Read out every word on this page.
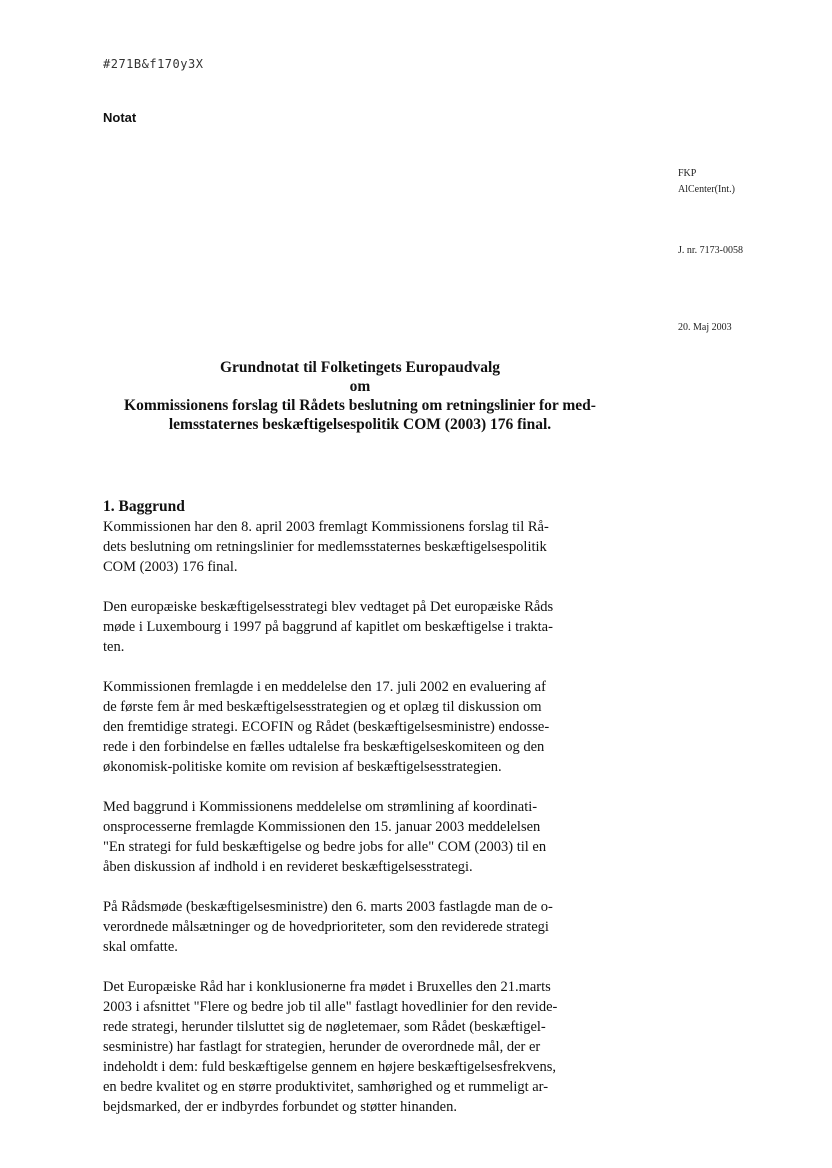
#271B&f170y3X
Notat
FKP
AlCenter(Int.)
J. nr. 7173-0058
20. Maj 2003
Grundnotat til Folketingets Europaudvalg
om
Kommissionens forslag til Rådets beslutning om retningslinier for med-
lemsstaternes beskæftigelsespolitik COM (2003) 176 final.
1. Baggrund

Kommissionen har den 8. april 2003 fremlagt Kommissionens forslag til Rå-
dets beslutning om retningslinier for medlemsstaternes beskæftigelsespolitik
COM (2003) 176 final.

Den europæiske beskæftigelsesstrategi blev vedtaget på Det europæiske Råds
møde i Luxembourg i 1997 på baggrund af kapitlet om beskæftigelse i trakta-
ten.

Kommissionen fremlagde i en meddelelse den 17. juli 2002 en evaluering af
de første fem år med beskæftigelsesstrategien og et oplæg til diskussion om
den fremtidige strategi. ECOFIN og Rådet (beskæftigelsesministre) endosse-
rede i den forbindelse en fælles udtalelse fra beskæftigelseskomiteen og den
økonomisk-politiske komite om revision af beskæftigelsesstrategien.

Med baggrund i Kommissionens meddelelse om strømlining af koordinati-
onsprocesserne fremlagde Kommissionen den 15. januar 2003 meddelelsen
"En strategi for fuld beskæftigelse og bedre jobs for alle" COM (2003) til en
åben diskussion af indhold i en revideret beskæftigelsesstrategi.

På Rådsmøde (beskæftigelsesministre) den 6. marts 2003 fastlagde man de o-
verordnede målsætninger og de hovedprioriteter, som den reviderede strategi
skal omfatte.

Det Europæiske Råd har i konklusionerne fra mødet i Bruxelles den 21.marts
2003 i afsnittet "Flere og bedre job til alle" fastlagt hovedlinier for den revide-
rede strategi, herunder tilsluttet sig de nøgletemaer, som Rådet (beskæftigel-
sesministre) har fastlagt for strategien, herunder de overordnede mål, der er
indeholdt i dem: fuld beskæftigelse gennem en højere beskæftigelsesfrekvens,
en bedre kvalitet og en større produktivitet, samhørighed og et rummeligt ar-
bejdsmarked, der er indbyrdes forbundet og støtter hinanden.
